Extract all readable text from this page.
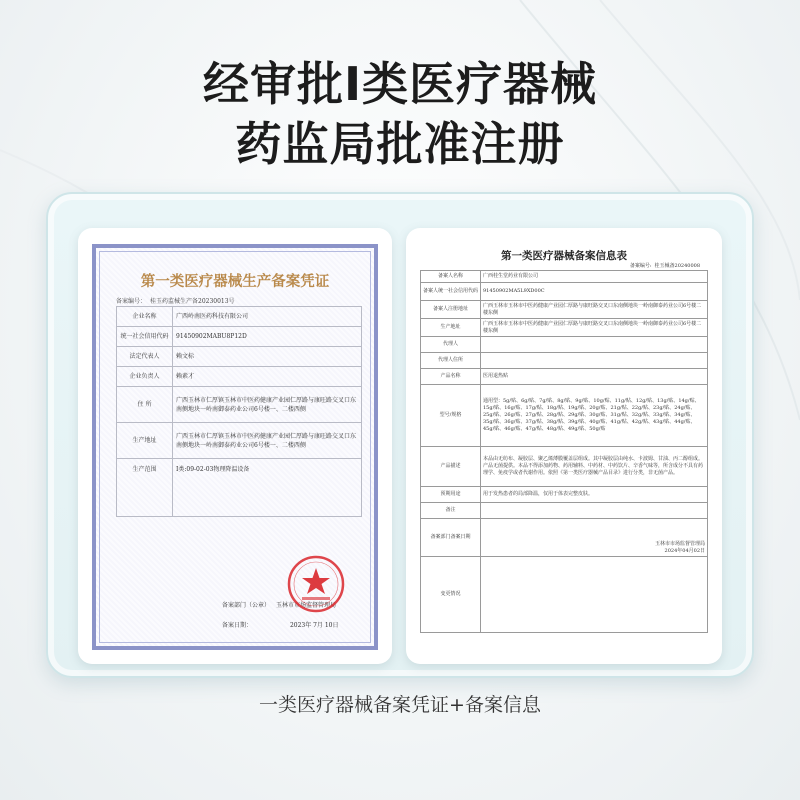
经审批I类医疗器械
药监局批准注册
第一类医疗器械生产备案凭证
备案编号： 桂玉药监械生产备20230013号
企业名称	广西岭南医药科技有限公司
统一社会信用代码	91450902MABU8P12D
法定代表人	赖文标
企业负责人	赖素才
住 所	广西玉林市仁厚镇玉林市中医药健康产业园仁厚路与康旺路交叉口东南侧地块一岭南御泰药业公司6号楼一、二楼西侧
生产地址	广西玉林市仁厚镇玉林市中医药健康产业园仁厚路与康旺路交叉口东南侧地块一岭南御泰药业公司6号楼一、二楼西侧
生产范围	I类:09-02-03物理降温设备
备案部门（公章） 玉林市市场监督管理局
备案日期：	2023年 7月 10日
第一类医疗器械备案信息表
备案编号: 桂玉械备20240008
备案人名称	广西桂生堂药业有限公司
备案人统一社会信用代码	91450902MA5L9XD00C
备案人注册地址	广西玉林市玉林市中医药健康产业园仁厚路与康旺路交叉口东南侧地块一岭南御泰药业公司6号楼二楼东侧
生产地址	广西玉林市玉林市中医药健康产业园仁厚路与康旺路交叉口东南侧地块一岭南御泰药业公司6号楼二楼东侧
代理人	
代理人住所	
产品名称	医用退热贴
型号/规格	通用型：5g/贴、6g/贴、7g/贴、8g/贴、9g/贴、10g/贴、11g/贴、12g/贴、13g/贴、14g/贴、15g/贴、16g/贴、17g/贴、18g/贴、19g/贴、20g/贴、21g/贴、22g/贴、23g/贴、24g/贴、25g/贴、26g/贴、27g/贴、28g/贴、29g/贴、30g/贴、31g/贴、32g/贴、33g/贴、34g/贴、35g/贴、36g/贴、37g/贴、38g/贴、39g/贴、40g/贴、41g/贴、42g/贴、43g/贴、44g/贴、45g/贴、46g/贴、47g/贴、48g/贴、49g/贴、50g/贴
产品描述	本品由无纺布、凝胶层、聚乙烯薄膜覆盖层组成。其中凝胶层由纯水、卡波姆、甘油、丙二醇组成。产品无菌提供。本品不得添加药物、药用辅料、中药材、中药饮片、辛香气味等，所含成分不具有药理学、免疫学或者代谢作用。依照《第一类医疗器械产品目录》进行分类，非无菌产品。
预期用途	用于发热患者的局部降温，仅用于体表完整皮肤。
备注	
备案部门备案日期	玉林市市场监督管理局
2024年04月02日

变更情况	
一类医疗器械备案凭证+备案信息
